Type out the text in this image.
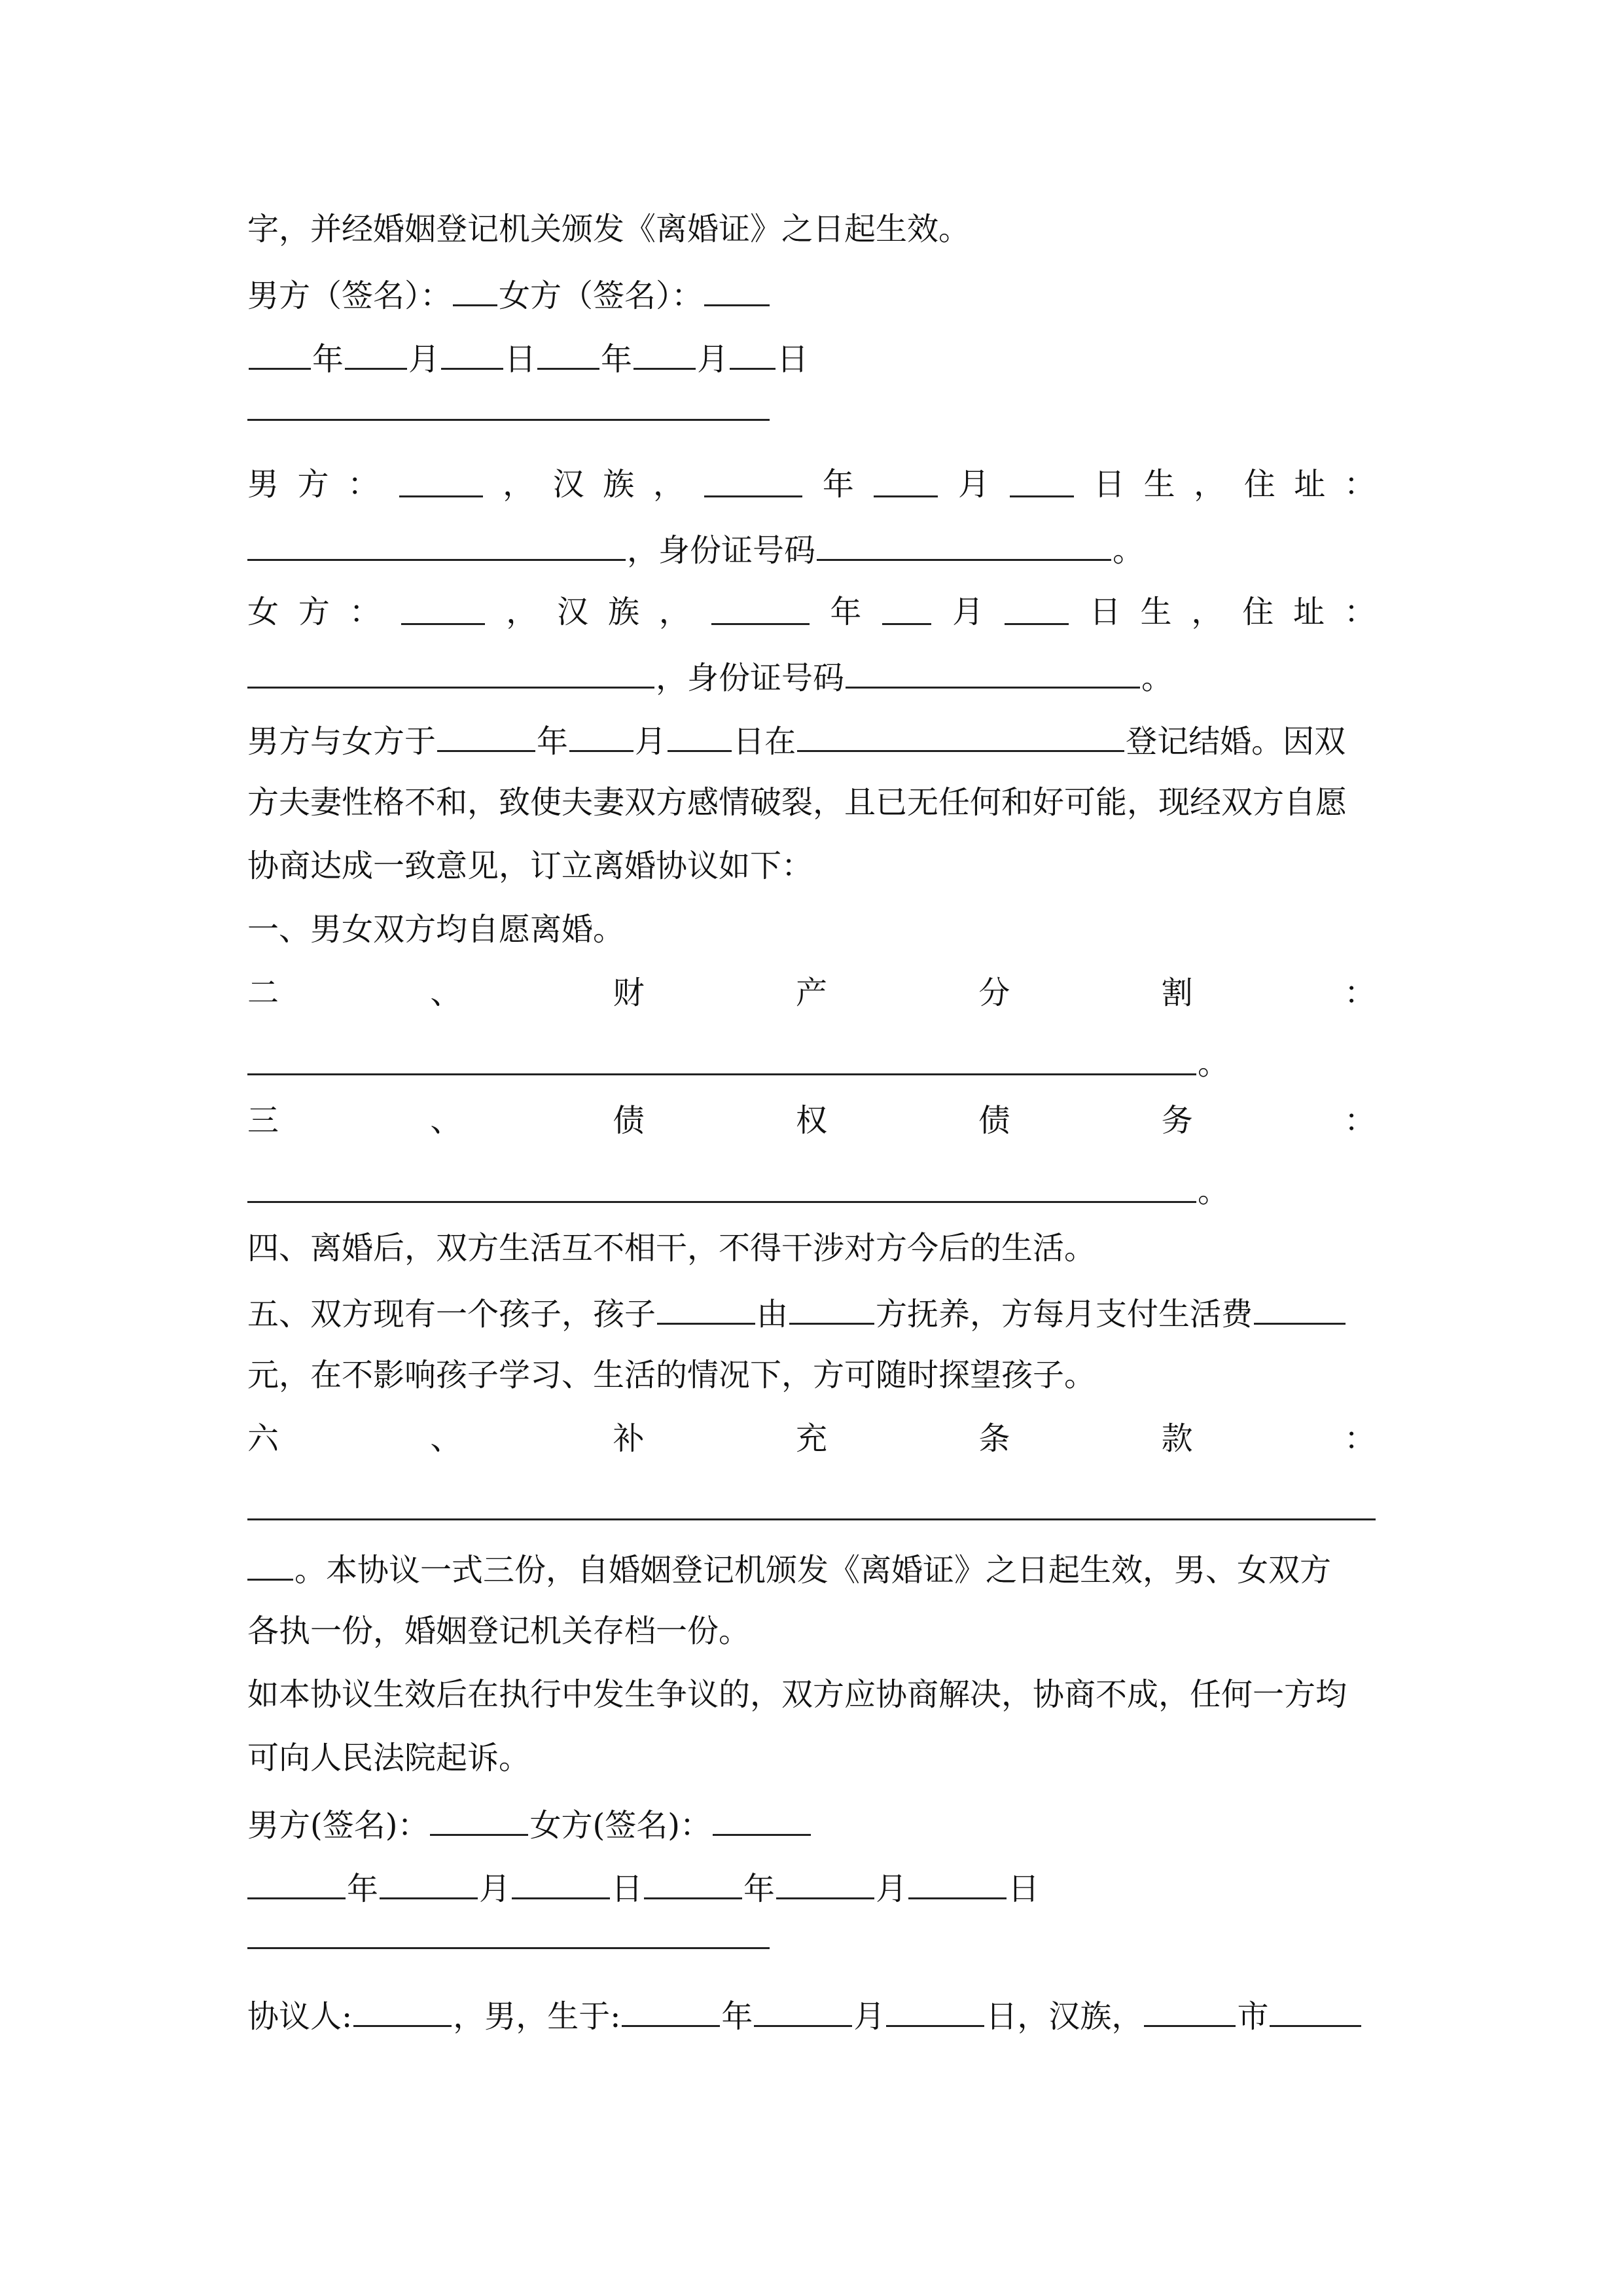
字，并经婚姻登记机关颁发《离婚证》之日起生效。
男方（签名）： 女方（签名）：
年 月 日 年 月 日
男 方 ：	， 汉 族 ，	年	月	日 生 ， 住 址 ：
，身份证号码	。
女 方 ：	， 汉 族 ，	年	月	日 生 ， 住 址 ：
，身份证号码	。
男方与女方于	年 月 日在	登记结婚。因双
方夫妻性格不和，致使夫妻双方感情破裂，且已无任何和好可能，现经双方自愿
协商达成一致意见，订立离婚协议如下：
一、男女双方均自愿离婚。
二	、	财	产	分	割	：
。
三	、	债	权	债	务	：
。
四、离婚后，双方生活互不相干，不得干涉对方今后的生活。
五、双方现有一个孩子，孩子	由	方抚养，方每月支付生活费
元，在不影响孩子学习、生活的情况下，方可随时探望孩子。
六	、	补	充	条	款	：
。本协议一式三份，自婚姻登记机颁发《离婚证》之日起生效，男、女双方
各执一份，婚姻登记机关存档一份。
如本协议生效后在执行中发生争议的，双方应协商解决，协商不成，任何一方均
可向人民法院起诉。
男方(签名)：	女方(签名)：
年	月	日	年	月	日
协议人:	，男，生于:	年	月	日，汉族，	市
